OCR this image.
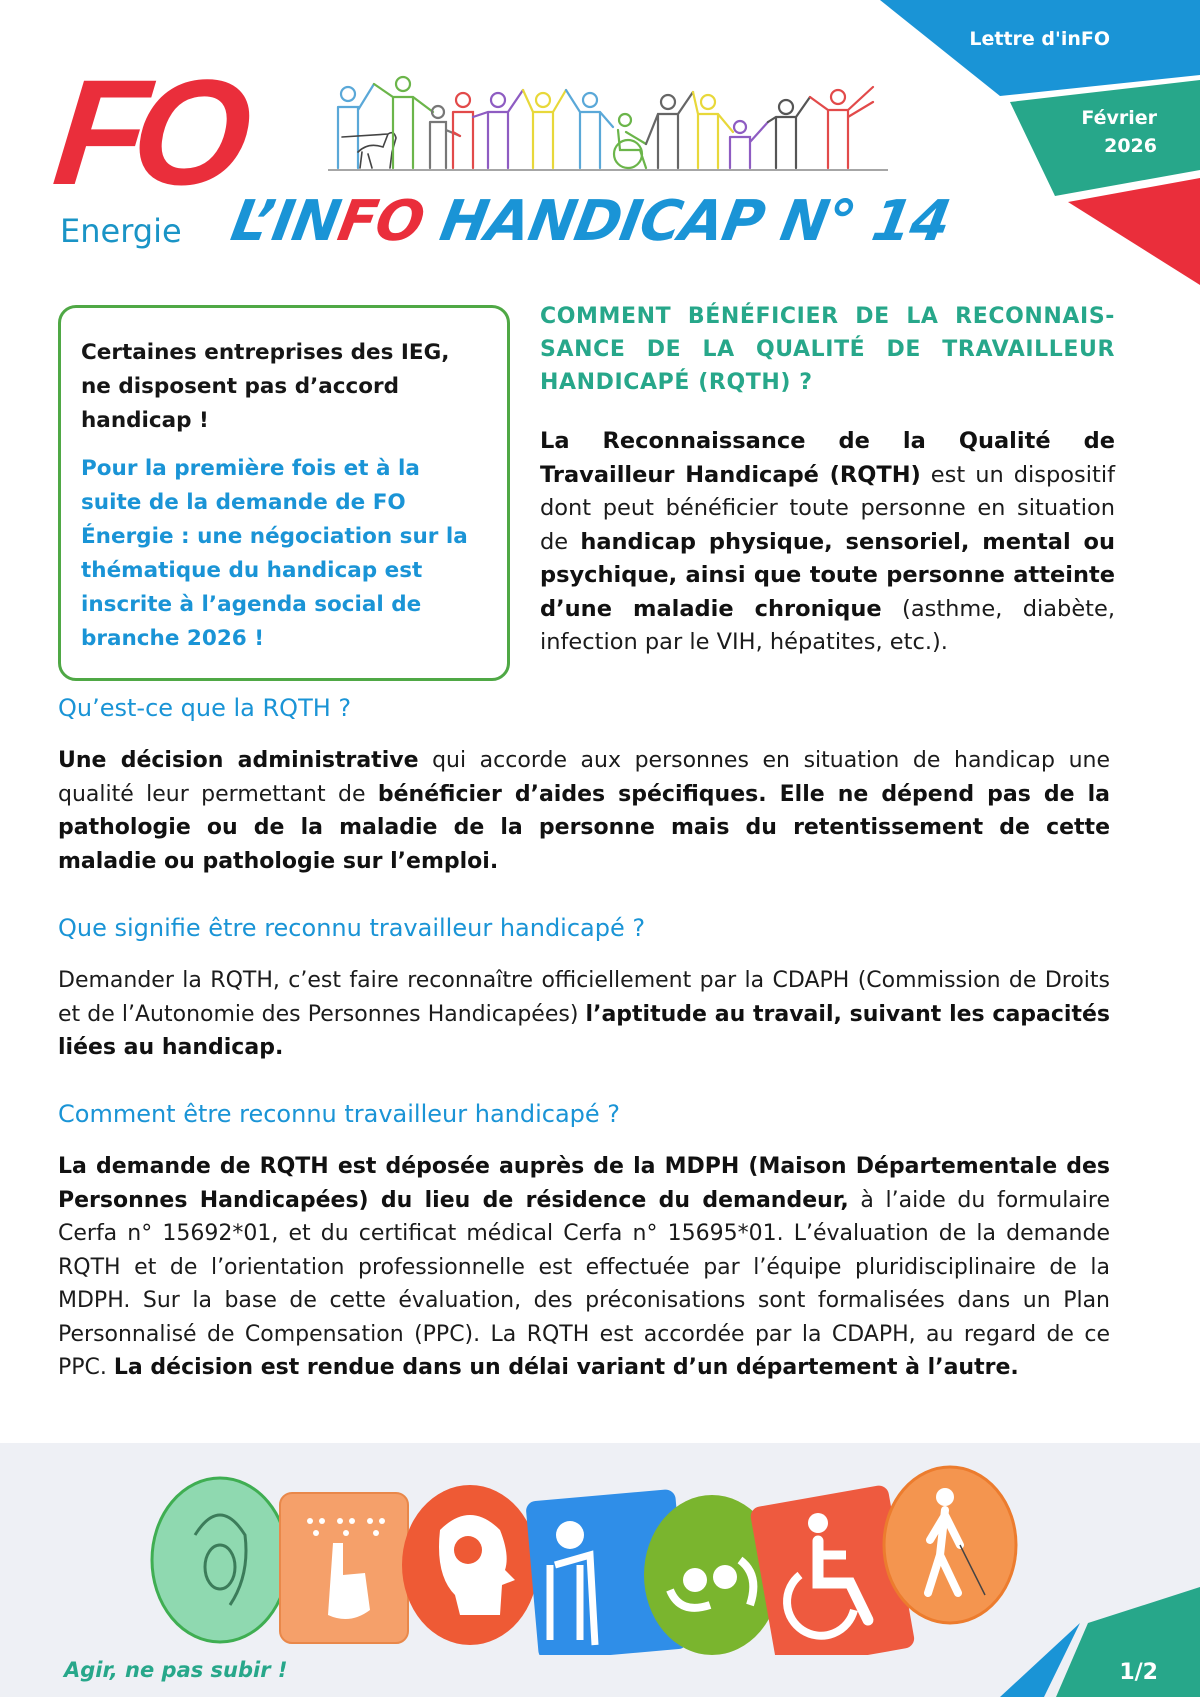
Lettre d'inFO
Février
2026
FO
Energie L’INFO HANDICAP N° 14

Certaines entreprises des IEG, ne disposent pas d’accord handicap !

Pour la première fois et à la suite de la demande de FO Énergie : une négociation sur la thématique du handicap est inscrite à l’agenda social de branche 2026 !

COMMENT BÉNÉFICIER DE LA RECONNAIS-SANCE DE LA QUALITÉ DE TRAVAILLEUR HANDICAPÉ (RQTH) ?

La Reconnaissance de la Qualité de Travailleur Handicapé (RQTH) est un dispositif dont peut bénéficier toute personne en situation de handicap physique, sensoriel, mental ou psychique, ainsi que toute personne atteinte d’une maladie chronique (asthme, diabète, infection par le VIH, hépatites, etc.).

Qu’est-ce que la RQTH ?

Une décision administrative qui accorde aux personnes en situation de handicap une qualité leur permettant de bénéficier d’aides spécifiques. Elle ne dépend pas de la pathologie ou de la maladie de la personne mais du retentissement de cette maladie ou pathologie sur l’emploi.

Que signifie être reconnu travailleur handicapé ?

Demander la RQTH, c’est faire reconnaître officiellement par la CDAPH (Commission de Droits et de l’Autonomie des Personnes Handicapées) l’aptitude au travail, suivant les capacités liées au handicap.

Comment être reconnu travailleur handicapé ?

La demande de RQTH est déposée auprès de la MDPH (Maison Départementale des Personnes Handicapées) du lieu de résidence du demandeur, à l’aide du formulaire Cerfa n° 15692*01, et du certificat médical Cerfa n° 15695*01. L’évaluation de la demande RQTH et de l’orientation professionnelle est effectuée par l’équipe pluridisciplinaire de la MDPH. Sur la base de cette évaluation, des préconisations sont formalisées dans un Plan Personnalisé de Compensation (PPC). La RQTH est accordée par la CDAPH, au regard de ce PPC. La décision est rendue dans un délai variant d’un département à l’autre.

Agir, ne pas subir !	1/2
